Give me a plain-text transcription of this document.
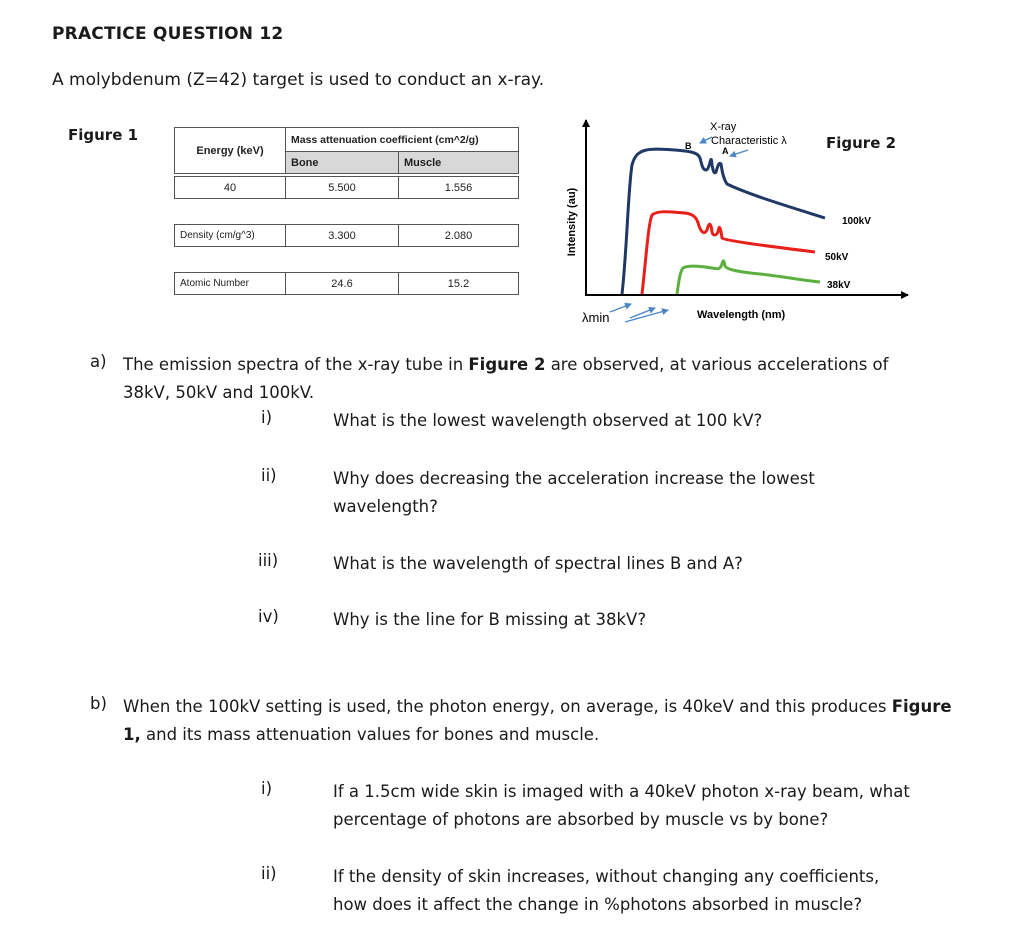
PRACTICE QUESTION 12
A molybdenum (Z=42) target is used to conduct an x-ray.
Figure 1
Energy (keV)
Mass attenuation coefficient (cm^2/g)
Bone	Muscle
40	5.500	1.556
Density (cm/g^3)	3.300	2.080
Atomic Number	24.6	15.2
Intensity (au)
λmin	Wavelength (nm)
X-ray
Characteristic λ
B	A
100kV
50kV
38kV
Figure 2
a) The emission spectra of the x-ray tube in Figure 2 are observed, at various accelerations of 38kV, 50kV and 100kV.
i)	What is the lowest wavelength observed at 100 kV?
ii)	Why does decreasing the acceleration increase the lowest wavelength?
iii)	What is the wavelength of spectral lines B and A?
iv)	Why is the line for B missing at 38kV?
b) When the 100kV setting is used, the photon energy, on average, is 40keV and this produces Figure 1, and its mass attenuation values for bones and muscle.
i)	If a 1.5cm wide skin is imaged with a 40keV photon x-ray beam, what percentage of photons are absorbed by muscle vs by bone?
ii)	If the density of skin increases, without changing any coefficients, how does it affect the change in %photons absorbed in muscle?
